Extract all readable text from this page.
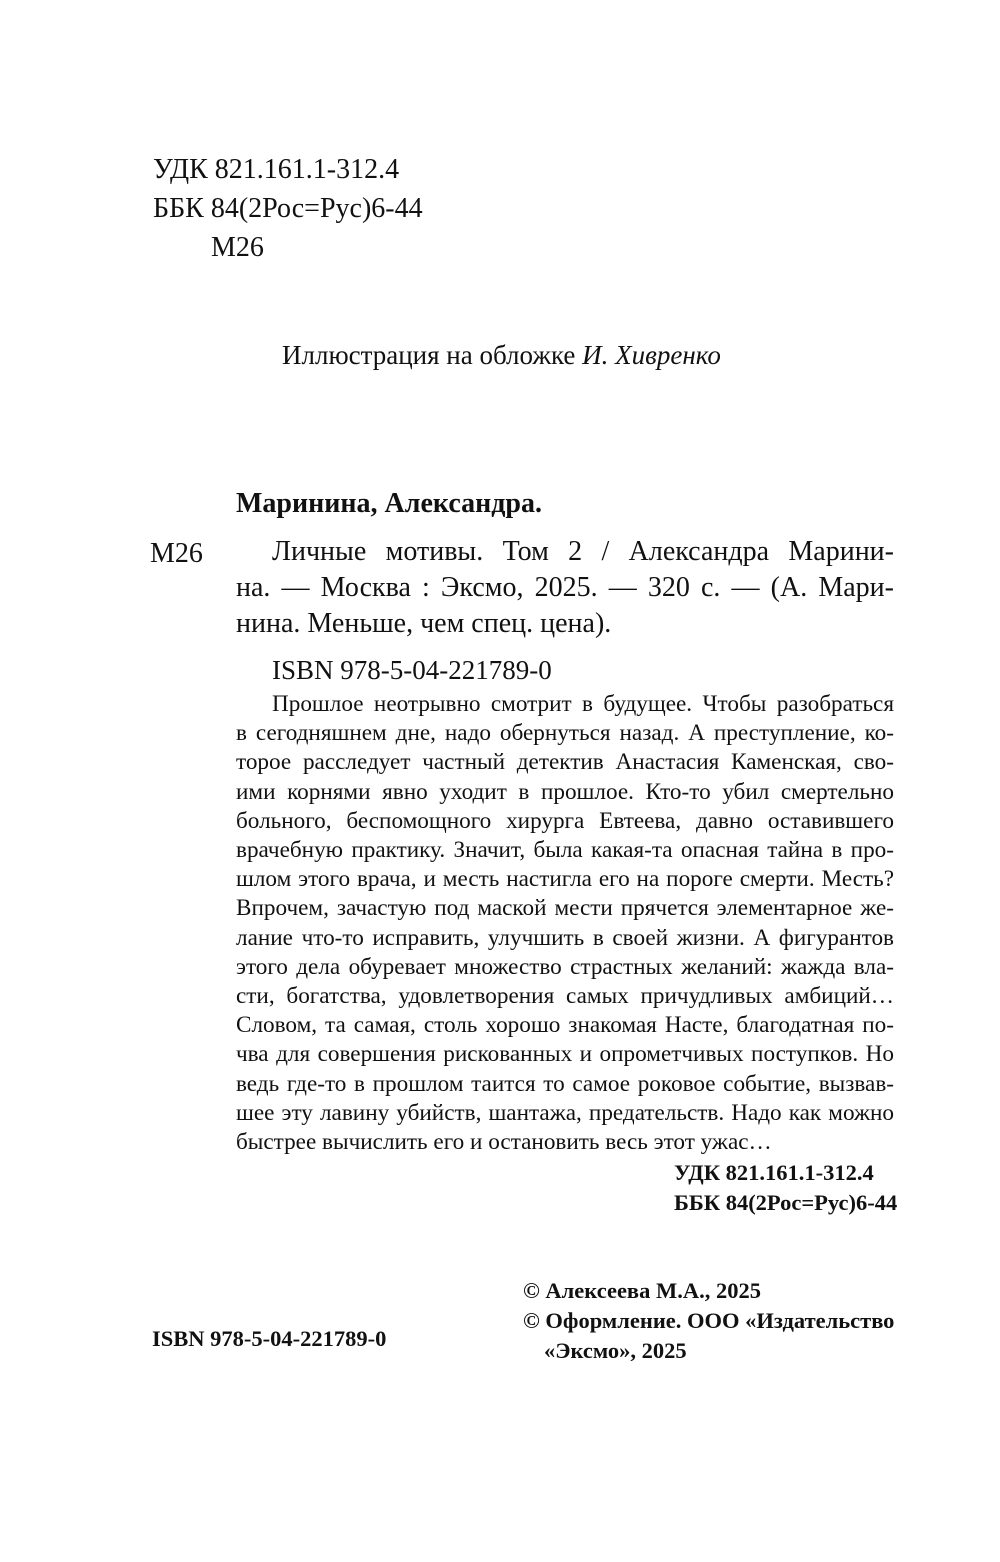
УДК 821.161.1-312.4
ББК 84(2Рос=Рус)6-44
М26
Иллюстрация на обложке И. Хивренко
Маринина, Александра.
М26	Личные мотивы. Том 2 / Александра Марини-
на. — Москва : Эксмо, 2025. — 320 с. — (А. Мари-
нина. Меньше, чем спец. цена).
ISBN 978-5-04-221789-0
Прошлое неотрывно смотрит в будущее. Чтобы разобраться
в сегодняшнем дне, надо обернуться назад. А преступление, ко-
торое расследует частный детектив Анастасия Каменская, сво-
ими корнями явно уходит в прошлое. Кто-то убил смертельно
больного, беспомощного хирурга Евтеева, давно оставившего
врачебную практику. Значит, была какая-та опасная тайна в про-
шлом этого врача, и месть настигла его на пороге смерти. Месть?
Впрочем, зачастую под маской мести прячется элементарное же-
лание что-то исправить, улучшить в своей жизни. А фигурантов
этого дела обуревает множество страстных желаний: жажда вла-
сти, богатства, удовлетворения самых причудливых амбиций…
Словом, та самая, столь хорошо знакомая Насте, благодатная по-
чва для совершения рискованных и опрометчивых поступков. Но
ведь где-то в прошлом таится то самое роковое событие, вызвав-
шее эту лавину убийств, шантажа, предательств. Надо как можно
быстрее вычислить его и остановить весь этот ужас…
УДК 821.161.1-312.4
ББК 84(2Рос=Рус)6-44
ISBN 978-5-04-221789-0
© Алексеева М.А., 2025
© Оформление. ООО «Издательство
«Эксмо», 2025
